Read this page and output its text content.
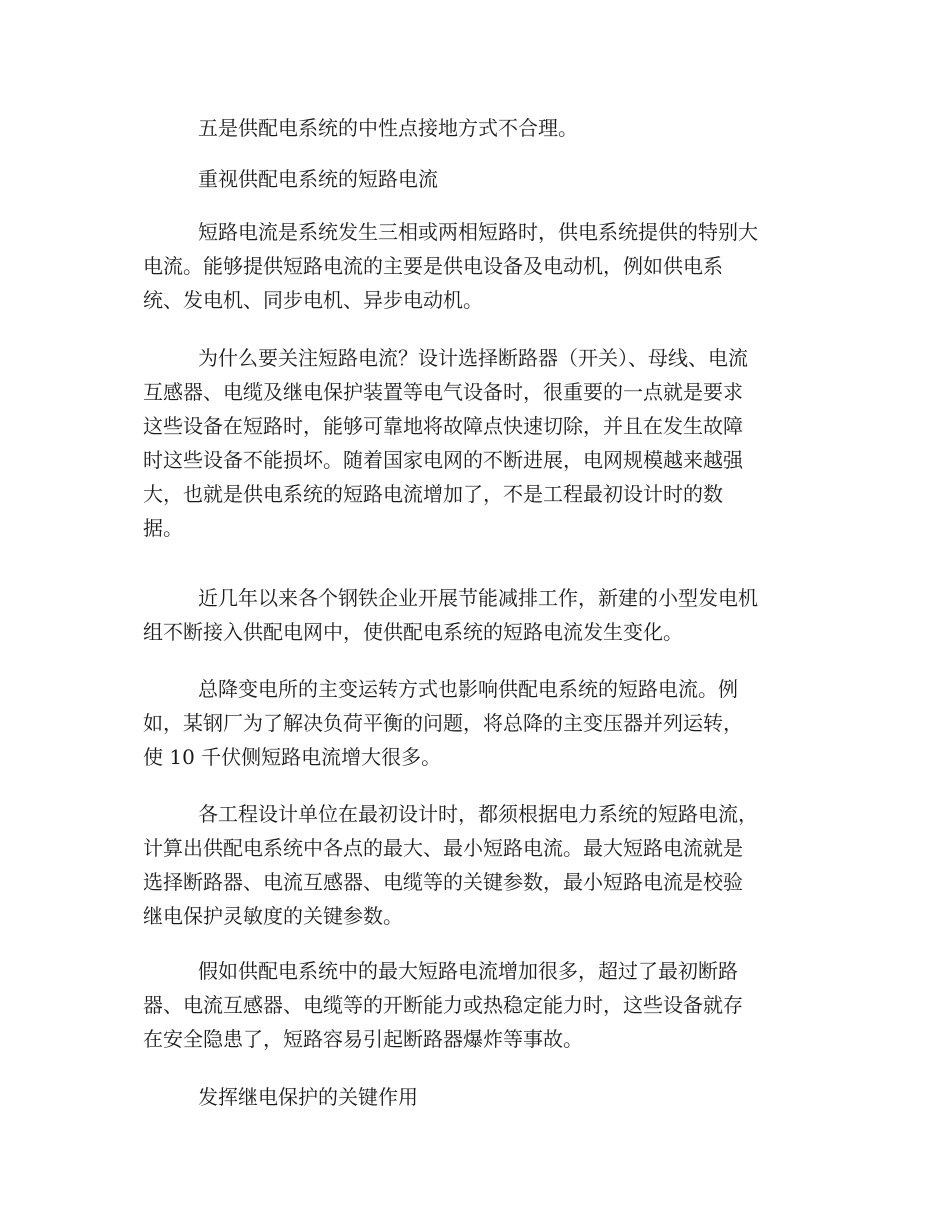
五是供配电系统的中性点接地方式不合理。
重视供配电系统的短路电流
短路电流是系统发生三相或两相短路时，供电系统提供的特别大
电流。能够提供短路电流的主要是供电设备及电动机，例如供电系
统、发电机、同步电机、异步电动机。
为什么要关注短路电流？设计选择断路器（开关）、母线、电流
互感器、电缆及继电保护装置等电气设备时，很重要的一点就是要求
这些设备在短路时，能够可靠地将故障点快速切除，并且在发生故障
时这些设备不能损坏。随着国家电网的不断进展，电网规模越来越强
大，也就是供电系统的短路电流增加了，不是工程最初设计时的数
据。
近几年以来各个钢铁企业开展节能减排工作，新建的小型发电机
组不断接入供配电网中，使供配电系统的短路电流发生变化。
总降变电所的主变运转方式也影响供配电系统的短路电流。例
如，某钢厂为了解决负荷平衡的问题，将总降的主变压器并列运转，
使 10 千伏侧短路电流增大很多。
各工程设计单位在最初设计时，都须根据电力系统的短路电流，
计算出供配电系统中各点的最大、最小短路电流。最大短路电流就是
选择断路器、电流互感器、电缆等的关键参数，最小短路电流是校验
继电保护灵敏度的关键参数。
假如供配电系统中的最大短路电流增加很多，超过了最初断路
器、电流互感器、电缆等的开断能力或热稳定能力时，这些设备就存
在安全隐患了，短路容易引起断路器爆炸等事故。
发挥继电保护的关键作用
